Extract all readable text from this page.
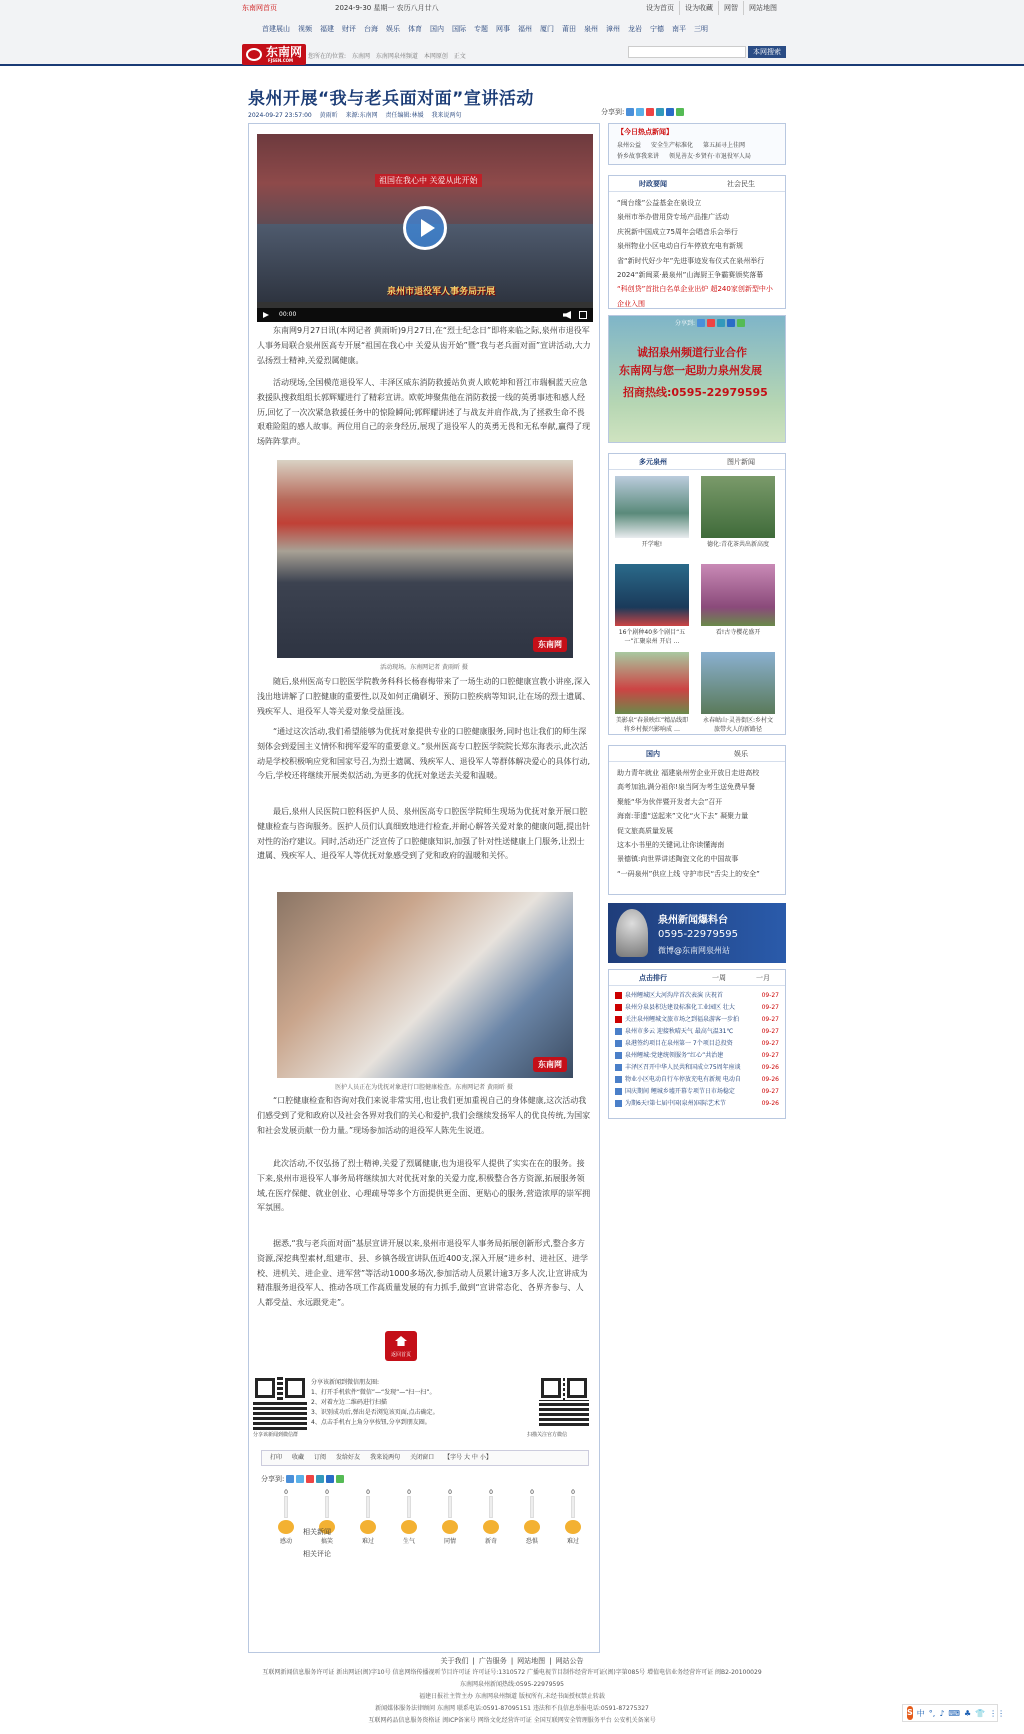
东南网首页	2024-9-30 星期一 农历八月廿八	设为首页	设为收藏	网智	网站地图
首建展山 视频 福建 财评 台海 娱乐 体育 国内 国际 专题 网事 福州 厦门 莆田 泉州 漳州 龙岩 宁德 南平 三明
东南网
FJSEN.COM
您所在的位置: 东南网 东南网泉州频道 本网原创 正文
本网搜索
泉州开展“我与老兵面对面”宣讲活动
2024-09-27 23:57:00 黄雨昕 来源:东南网 责任编辑:林媛 我来说两句	分享到:
祖国在我心中 关爱从此开始
泉州市退役军人事务局开展
00:00

东南网9月27日讯(本网记者 黄雨昕)9月27日,在“烈士纪念日”即将来临之际,泉州市退役军人事务局联合泉州医高专开展“祖国在我心中 关爱从齿开始”暨“我与老兵面对面”宣讲活动,大力弘扬烈士精神,关爱烈属健康。

活动现场,全国模范退役军人、丰泽区威东消防救援站负责人欧乾坤和晋江市瑞桐蓝天应急救援队搜救组组长郭辉耀进行了精彩宣讲。欧乾坤聚焦他在消防救援一线的英勇事迹和感人经历,回忆了一次次紧急救援任务中的惊险瞬间;郭辉耀讲述了与战友并肩作战,为了拯救生命不畏艰难险阻的感人故事。两位用自己的亲身经历,展现了退役军人的英勇无畏和无私奉献,赢得了现场阵阵掌声。

东南网
活动现场。东南网记者 黄雨昕 摄

随后,泉州医高专口腔医学院教务科科长杨春梅带来了一场生动的口腔健康宣教小讲座,深入浅出地讲解了口腔健康的重要性,以及如何正确刷牙、预防口腔疾病等知识,让在场的烈士遗属、残疾军人、退役军人等关爱对象受益匪浅。

“通过这次活动,我们希望能够为优抚对象提供专业的口腔健康服务,同时也让我们的师生深刻体会到爱国主义情怀和拥军爱军的重要意义。”泉州医高专口腔医学院院长郑东海表示,此次活动是学校积极响应党和国家号召,为烈士遗属、残疾军人、退役军人等群体解决爱心的具体行动,今后,学校还将继续开展类似活动,为更多的优抚对象送去关爱和温暖。

最后,泉州人民医院口腔科医护人员、泉州医高专口腔医学院师生现场为优抚对象开展口腔健康检查与咨询服务。医护人员们认真细致地进行检查,并耐心解答关爱对象的健康问题,提出针对性的治疗建议。同时,活动还广泛宣传了口腔健康知识,加强了针对性送健康上门服务,让烈士遗属、残疾军人、退役军人等优抚对象感受到了党和政府的温暖和关怀。

东南网
医护人员正在为优抚对象进行口腔健康检查。东南网记者 黄雨昕 摄

“口腔健康检查和咨询对我们来说非常实用,也让我们更加重视自己的身体健康,这次活动我们感受到了党和政府以及社会各界对我们的关心和爱护,我们会继续发扬军人的优良传统,为国家和社会发展贡献一份力量。”现场参加活动的退役军人陈先生说道。

此次活动,不仅弘扬了烈士精神,关爱了烈属健康,也为退役军人提供了实实在在的服务。接下来,泉州市退役军人事务局将继续加大对优抚对象的关爱力度,积极整合各方资源,拓展服务领域,在医疗保健、就业创业、心理疏导等多个方面提供更全面、更贴心的服务,营造浓厚的崇军拥军氛围。

据悉,“我与老兵面对面”基层宣讲开展以来,泉州市退役军人事务局拓展创新形式,整合多方资源,深挖典型素材,组建市、县、乡镇各级宣讲队伍近400支,深入开展“进乡村、进社区、进学校、进机关、进企业、进军营”等活动1000多场次,参加活动人员累计逾3万多人次,让宣讲成为精准服务退役军人、推动各项工作高质量发展的有力抓手,做到“宣讲常态化、各界齐参与、人人都受益、永远跟党走”。

返回首页
分享该新闻到微信群
分享该新闻到微信朋友圈:
1、打开手机软件“微信”—“发现”—“扫一扫”。
2、对着左边二维码进行扫描
3、识别成功后,弹出是否浏览该页面,点击确定。
4、点击手机右上角分享按钮,分享到朋友圈。
扫描关注官方微信
打印 收藏 订阅 发给好友 我来说两句 关闭窗口 【字号 大 中 小】
分享到:
0
感动
0
搞笑
0
难过
0
生气
0
同情
0
新奇
0
恐惧
0
难过
相关新闻
相关评论
【今日热点新闻】
泉州公益 安全生产标准化 第五届寻上佳网
侨乡故事我来讲 领见善友·乡贤有·市退役军人局
时政要闻	社会民生
“闽台缘”公益基金在泉设立
泉州市举办借用贷专场产品推广活动
庆祝新中国成立75周年会唱音乐会举行
泉州物业小区电动自行车停放充电有新规
省“新时代好少年”先进事迹发布仪式在泉州举行
2024“新闽菜·最泉州”山海厨王争霸赛颁奖落幕
“科创贷”首批白名单企业出炉 超240家创新型中小企业入围
分享到:
诚招泉州频道行业合作
东南网与您一起助力泉州发展
招商热线:0595-22979595
多元泉州	图片新闻
开学啦!	德化:青花茶共出新高度
16个剧种40多个剧目“五一”汇聚泉州 开启 …
看!古寺樱花盛开
美影泉“春景映红”精品线即将乡村振兴影响成 …
永春岵山·灵善街区:乡村文旅带火人的新路径
国内	娱乐
助力青年就业 福建泉州劳企业开放日走进高校
高考加油,满分祖你!泉当阿为考生送免费早餐
聚能“华为伙伴暨开发者大会”召开
海南:菲遗“送起来”文化“火下去” 凝聚力量
促文旅高质量发展
这本小书里的关键词,让你读懂海南
景德镇:向世界讲述陶瓷文化的中国故事
“一码泉州”供应上线 守护市民“舌尖上的安全”
泉州新闻爆料台
0595-22979595
微博@东南网泉州站
点击排行	一周	一月
泉州鲤城区大河沟岸首次表演 庆祝首	09-27
泉州分泉县积达建设标准化工业园区 壮大	09-27
关注泉州鲤城文旅市场之到福泉游客一步拍	09-27
泉州市多云 迎接秋晴天气 最高气温31℃	09-27
泉港签约项目在泉州第一 7个项目总投资	09-27
泉州鲤城:党建统领服务“红心”共治建	09-27
丰泽区召开中华人民共和国成立75周年座谈	09-26
物业小区电动自行车停放充电有新规 电动自	09-26
国庆期间 鲤城乡墟开幕专项节日市场稳定	09-27
为期6天!第七届中国(泉州)国际艺术节	09-26
关于我们 | 广告服务 | 网站地图 | 网站公告
互联网新闻信息服务许可证 新出网证(闽)字10号 信息网络传播视听节目许可证 许可证号:1310572 广播电视节目制作经营许可证(闽)字第085号 增值电信业务经营许可证 闽B2-20100029
东南网泉州新闻热线:0595-22979595
福建日报社主管主办 东南网泉州频道 版权所有,未经书面授权禁止转载
新闻媒体服务法律顾问 东南网 联系电话:0591-87095151 违法和不良信息举报电话:0591-87275327
互联网药品信息服务资格证 闽ICP备案号 网络文化经营许可证 全国互联网安全管理服务平台 公安机关备案号
S 中 °, ♪ ⌨ ♣ 👕 ⋮⋮
